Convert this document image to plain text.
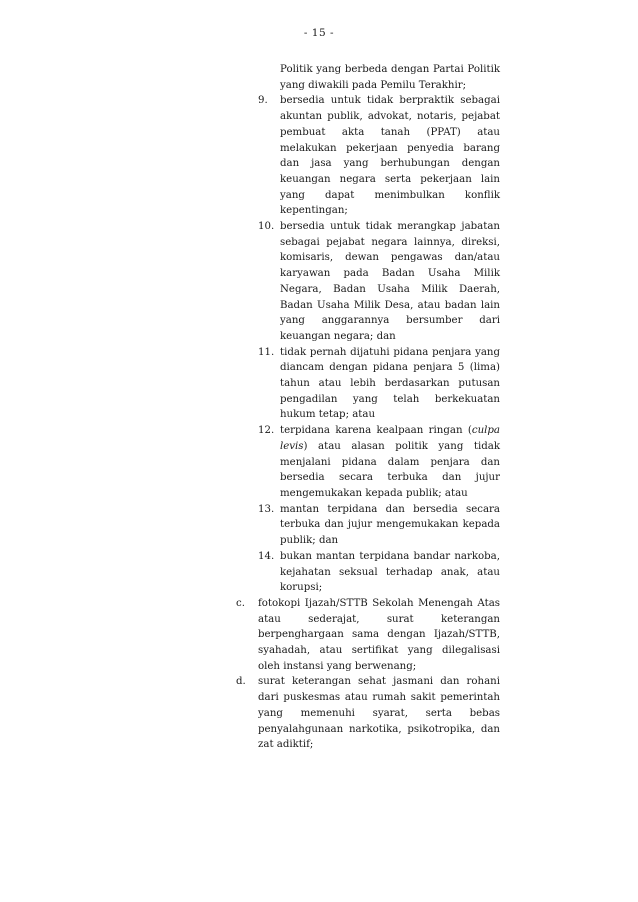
- 15 -
Politik yang berbeda dengan Partai Politik yang diwakili pada Pemilu Terakhir;
9.	bersedia untuk tidak berpraktik sebagai akuntan publik, advokat, notaris, pejabat pembuat akta tanah (PPAT) atau melakukan pekerjaan penyedia barang dan jasa yang berhubungan dengan keuangan negara serta pekerjaan lain yang dapat menimbulkan konflik kepentingan;
10. bersedia untuk tidak merangkap jabatan sebagai pejabat negara lainnya, direksi, komisaris, dewan pengawas dan/atau karyawan pada Badan Usaha Milik Negara, Badan Usaha Milik Daerah, Badan Usaha Milik Desa, atau badan lain yang anggarannya bersumber dari keuangan negara; dan
11. tidak pernah dijatuhi pidana penjara yang diancam dengan pidana penjara 5 (lima) tahun atau lebih berdasarkan putusan pengadilan yang telah berkekuatan hukum tetap; atau
12. terpidana karena kealpaan ringan (culpa levis) atau alasan politik yang tidak menjalani pidana dalam penjara dan bersedia secara terbuka dan jujur mengemukakan kepada publik; atau
13. mantan terpidana dan bersedia secara terbuka dan jujur mengemukakan kepada publik; dan
14. bukan mantan terpidana bandar narkoba, kejahatan seksual terhadap anak, atau korupsi;
c.	fotokopi Ijazah/STTB Sekolah Menengah Atas atau sederajat, surat keterangan berpenghargaan sama dengan Ijazah/STTB, syahadah, atau sertifikat yang dilegalisasi oleh instansi yang berwenang;
d.	surat keterangan sehat jasmani dan rohani dari puskesmas atau rumah sakit pemerintah yang memenuhi syarat, serta bebas penyalahgunaan narkotika, psikotropika, dan zat adiktif;
